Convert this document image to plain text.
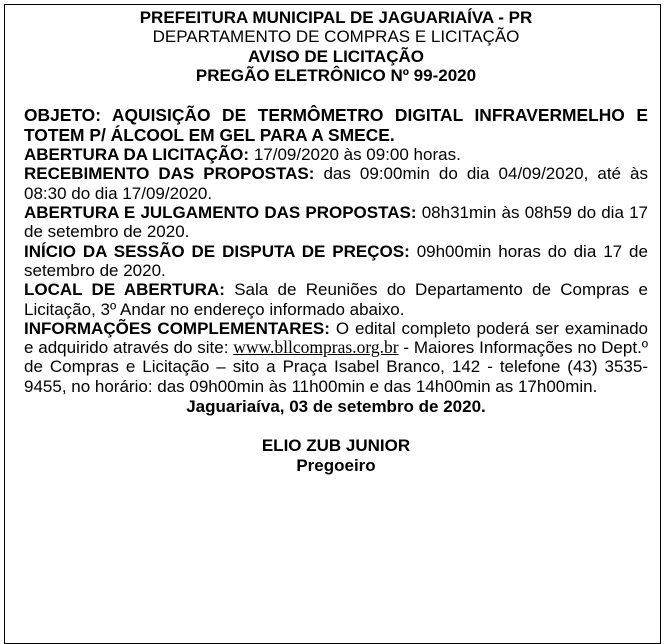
PREFEITURA MUNICIPAL DE JAGUARIAÍVA - PR
DEPARTAMENTO DE COMPRAS E LICITAÇÃO
AVISO DE LICITAÇÃO
PREGÃO ELETRÔNICO Nº 99-2020
OBJETO: AQUISIÇÃO DE TERMÔMETRO DIGITAL INFRAVERMELHO E TOTEM P/ ÁLCOOL EM GEL PARA A SMECE.
ABERTURA DA LICITAÇÃO: 17/09/2020 às 09:00 horas.
RECEBIMENTO DAS PROPOSTAS: das 09:00min do dia 04/09/2020, até às 08:30 do dia 17/09/2020.
ABERTURA E JULGAMENTO DAS PROPOSTAS: 08h31min às 08h59 do dia 17 de setembro de 2020.
INÍCIO DA SESSÃO DE DISPUTA DE PREÇOS: 09h00min horas do dia 17 de setembro de 2020.
LOCAL DE ABERTURA: Sala de Reuniões do Departamento de Compras e Licitação, 3º Andar no endereço informado abaixo.
INFORMAÇÕES COMPLEMENTARES: O edital completo poderá ser examinado e adquirido através do site: www.bllcompras.org.br - Maiores Informações no Dept.º de Compras e Licitação – sito a Praça Isabel Branco, 142 - telefone (43) 3535-9455, no horário: das 09h00min às 11h00min e das 14h00min as 17h00min.
Jaguariaíva, 03 de setembro de 2020.
ELIO ZUB JUNIOR
Pregoeiro
